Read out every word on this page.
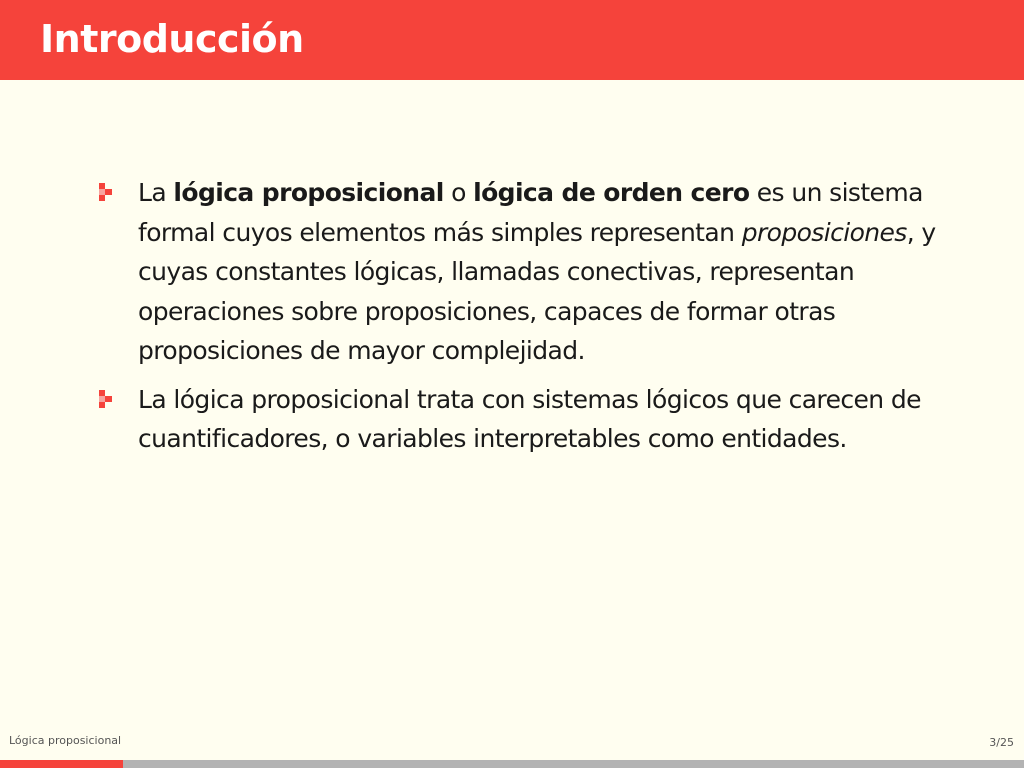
Introducción
La lógica proposicional o lógica de orden cero es un sistema formal cuyos elementos más simples representan proposiciones, y cuyas constantes lógicas, llamadas conectivas, representan operaciones sobre proposiciones, capaces de formar otras proposiciones de mayor complejidad.
La lógica proposicional trata con sistemas lógicos que carecen de cuantificadores, o variables interpretables como entidades.
Lógica proposicional	3/25
